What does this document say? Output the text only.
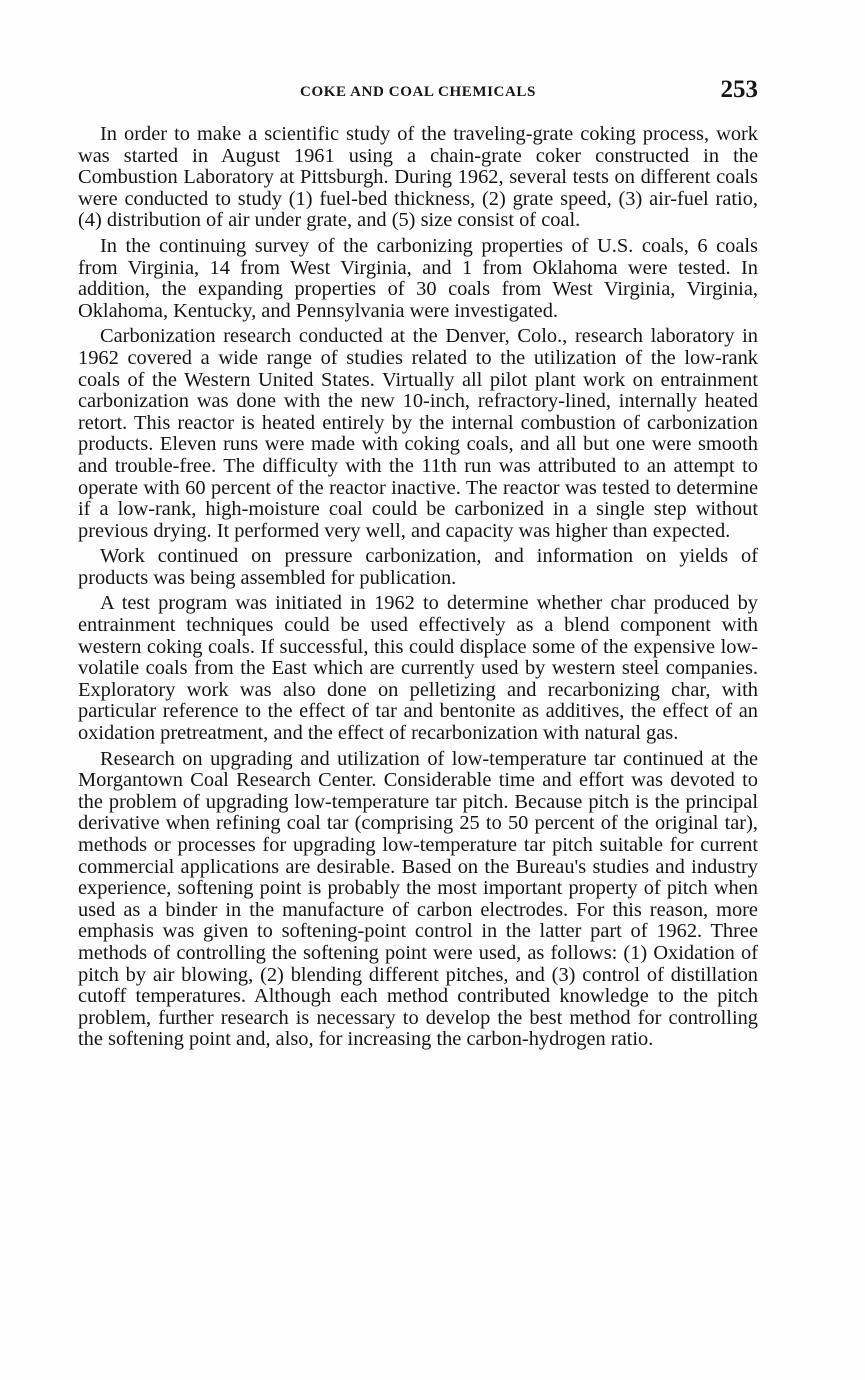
COKE AND COAL CHEMICALS	253

In order to make a scientific study of the traveling-grate coking process, work was started in August 1961 using a chain-grate coker constructed in the Combustion Laboratory at Pittsburgh. During 1962, several tests on different coals were conducted to study (1) fuel-bed thickness, (2) grate speed, (3) air-fuel ratio, (4) distribution of air under grate, and (5) size consist of coal.

In the continuing survey of the carbonizing properties of U.S. coals, 6 coals from Virginia, 14 from West Virginia, and 1 from Oklahoma were tested. In addition, the expanding properties of 30 coals from West Virginia, Virginia, Oklahoma, Kentucky, and Pennsylvania were investigated.

Carbonization research conducted at the Denver, Colo., research laboratory in 1962 covered a wide range of studies related to the utilization of the low-rank coals of the Western United States. Virtually all pilot plant work on entrainment carbonization was done with the new 10-inch, refractory-lined, internally heated retort. This reactor is heated entirely by the internal combustion of carbonization products. Eleven runs were made with coking coals, and all but one were smooth and trouble-free. The difficulty with the 11th run was attributed to an attempt to operate with 60 percent of the reactor inactive. The reactor was tested to determine if a low-rank, high-moisture coal could be carbonized in a single step without previous drying. It performed very well, and capacity was higher than expected.

Work continued on pressure carbonization, and information on yields of products was being assembled for publication.

A test program was initiated in 1962 to determine whether char produced by entrainment techniques could be used effectively as a blend component with western coking coals. If successful, this could displace some of the expensive low-volatile coals from the East which are currently used by western steel companies. Exploratory work was also done on pelletizing and recarbonizing char, with particular reference to the effect of tar and bentonite as additives, the effect of an oxidation pretreatment, and the effect of recarbonization with natural gas.

Research on upgrading and utilization of low-temperature tar continued at the Morgantown Coal Research Center. Considerable time and effort was devoted to the problem of upgrading low-temperature tar pitch. Because pitch is the principal derivative when refining coal tar (comprising 25 to 50 percent of the original tar), methods or processes for upgrading low-temperature tar pitch suitable for current commercial applications are desirable. Based on the Bureau's studies and industry experience, softening point is probably the most important property of pitch when used as a binder in the manufacture of carbon electrodes. For this reason, more emphasis was given to softening-point control in the latter part of 1962. Three methods of controlling the softening point were used, as follows: (1) Oxidation of pitch by air blowing, (2) blending different pitches, and (3) control of distillation cutoff temperatures. Although each method contributed knowledge to the pitch problem, further research is necessary to develop the best method for controlling the softening point and, also, for increasing the carbon-hydrogen ratio.
